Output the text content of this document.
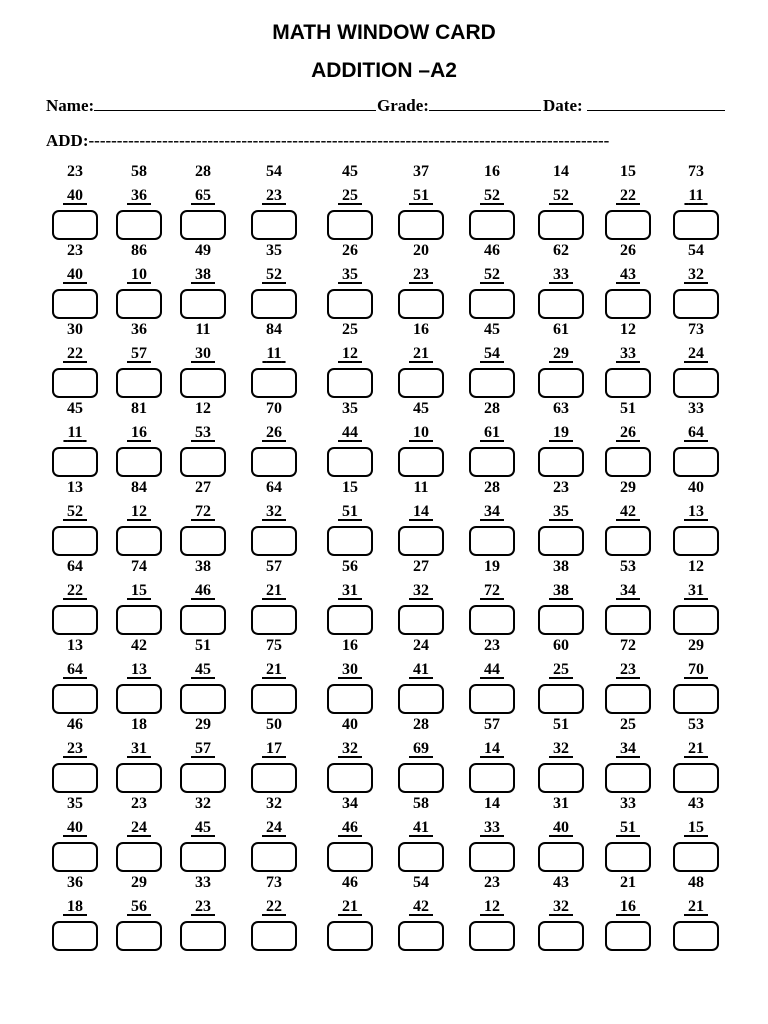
MATH WINDOW CARD
ADDITION –A2
Name:	Grade:	Date:
ADD:--------------------------------------------------------------------------------------------
23
40
58
36
28
65
54
23
45
25
37
51
16
52
14
52
15
22
73
11
23
40
86
10
49
38
35
52
26
35
20
23
46
52
62
33
26
43
54
32
30
22
36
57
11
30
84
11
25
12
16
21
45
54
61
29
12
33
73
24
45
11
81
16
12
53
70
26
35
44
45
10
28
61
63
19
51
26
33
64
13
52
84
12
27
72
64
32
15
51
11
14
28
34
23
35
29
42
40
13
64
22
74
15
38
46
57
21
56
31
27
32
19
72
38
38
53
34
12
31
13
64
42
13
51
45
75
21
16
30
24
41
23
44
60
25
72
23
29
70
46
23
18
31
29
57
50
17
40
32
28
69
57
14
51
32
25
34
53
21
35
40
23
24
32
45
32
24
34
46
58
41
14
33
31
40
33
51
43
15
36
18
29
56
33
23
73
22
46
21
54
42
23
12
43
32
21
16
48
21
